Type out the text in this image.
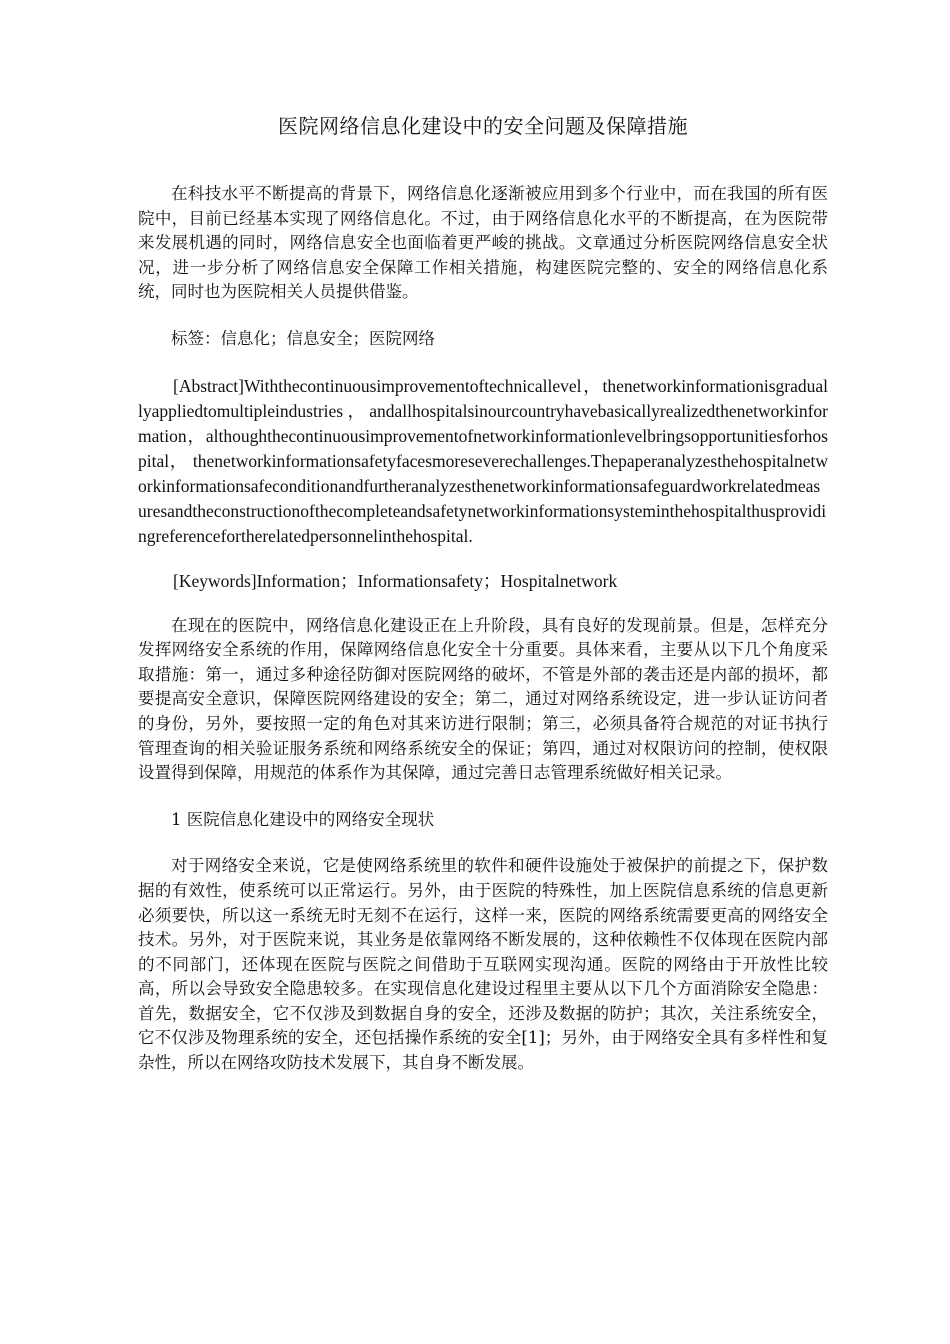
医院网络信息化建设中的安全问题及保障措施

在科技水平不断提高的背景下，网络信息化逐渐被应用到多个行业中，而在我国的所有医院中，目前已经基本实现了网络信息化。不过，由于网络信息化水平的不断提高，在为医院带来发展机遇的同时，网络信息安全也面临着更严峻的挑战。文章通过分析医院网络信息安全状况，进一步分析了网络信息安全保障工作相关措施，构建医院完整的、安全的网络信息化系统，同时也为医院相关人员提供借鉴。

标签：信息化；信息安全；医院网络

[Abstract]Withthecontinuousimprovementoftechnicallevel，thenetworkinformationisgraduallyappliedtomultipleindustries，andallhospitalsinourcountryhavebasicallyrealizedthenetworkinformation，althoughthecontinuousimprovementofnetworkinformationlevelbringsopportunitiesforhospital， thenetworkinformationsafetyfacesmoreseverechallenges.Thepaperanalyzesthehospitalnetworkinformationsafeconditionandfurtheranalyzesthenetworkinformationsafeguardworkrelatedmeasuresandtheconstructionofthecompleteandsafetynetworkinformationsysteminthehospitalthusprovidingreferencefortherelatedpersonnelinthehospital.

[Keywords]Information；Informationsafety；Hospitalnetwork

在现在的医院中，网络信息化建设正在上升阶段，具有良好的发现前景。但是，怎样充分发挥网络安全系统的作用，保障网络信息化安全十分重要。具体来看，主要从以下几个角度采取措施：第一，通过多种途径防御对医院网络的破坏，不管是外部的袭击还是内部的损坏，都要提高安全意识，保障医院网络建设的安全；第二，通过对网络系统设定，进一步认证访问者的身份，另外，要按照一定的角色对其来访进行限制；第三，必须具备符合规范的对证书执行管理查询的相关验证服务系统和网络系统安全的保证；第四，通过对权限访问的控制，使权限设置得到保障，用规范的体系作为其保障，通过完善日志管理系统做好相关记录。

1 医院信息化建设中的网络安全现状

对于网络安全来说，它是使网络系统里的软件和硬件设施处于被保护的前提之下，保护数据的有效性，使系统可以正常运行。另外，由于医院的特殊性，加上医院信息系统的信息更新必须要快，所以这一系统无时无刻不在运行，这样一来，医院的网络系统需要更高的网络安全技术。另外，对于医院来说，其业务是依靠网络不断发展的，这种依赖性不仅体现在医院内部的不同部门，还体现在医院与医院之间借助于互联网实现沟通。医院的网络由于开放性比较高，所以会导致安全隐患较多。在实现信息化建设过程里主要从以下几个方面消除安全隐患：首先，数据安全，它不仅涉及到数据自身的安全，还涉及数据的防护；其次，关注系统安全，它不仅涉及物理系统的安全，还包括操作系统的安全[1]；另外，由于网络安全具有多样性和复杂性，所以在网络攻防技术发展下，其自身不断发展。
